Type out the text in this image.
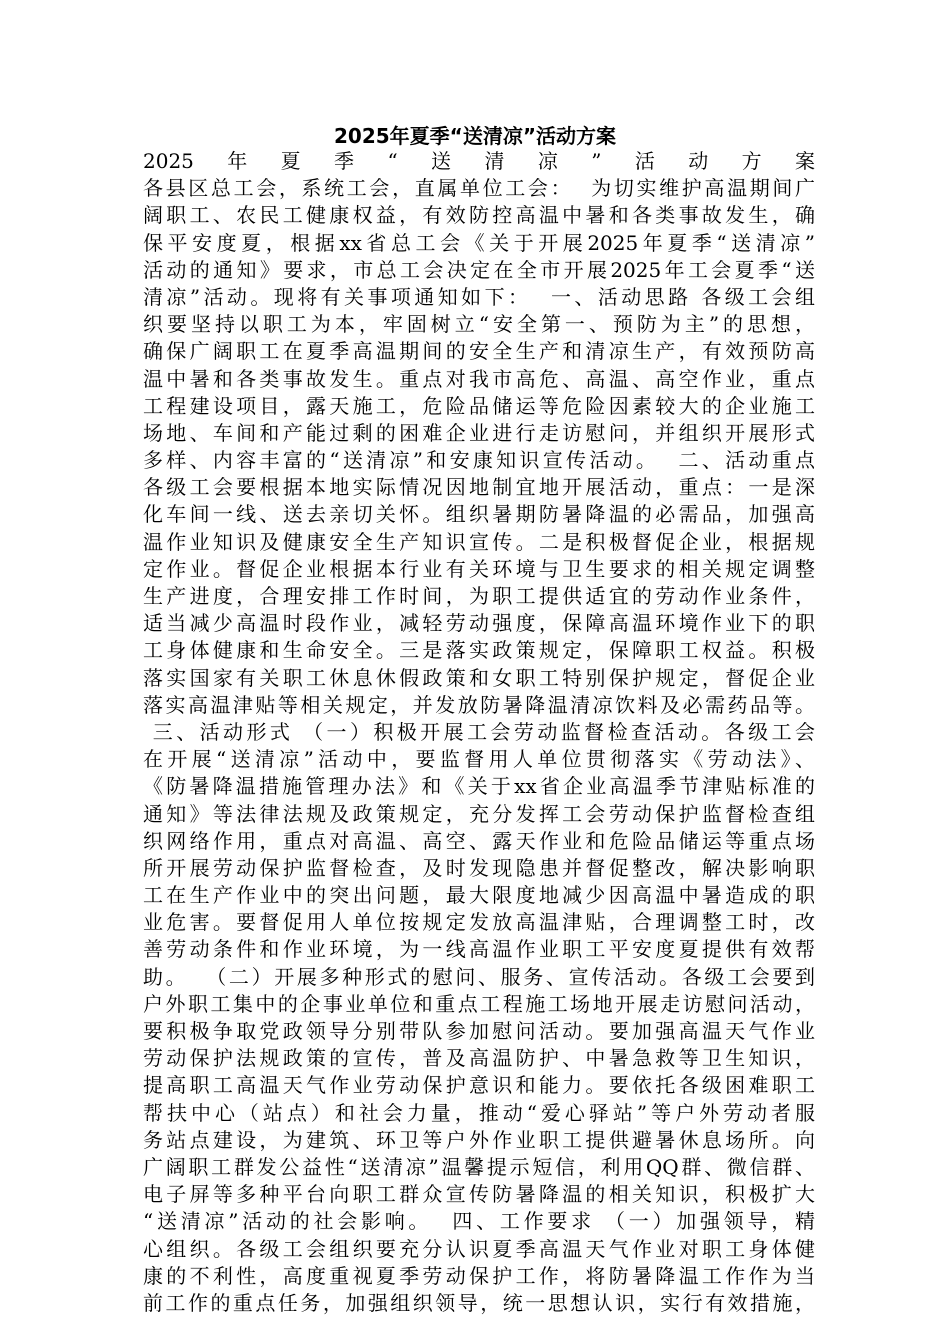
2025年夏季“送清凉”活动方案
2025年夏季“送清凉”活动方案
各县区总工会，系统工会，直属单位工会：  为切实维护高温期间广
阔职工、农民工健康权益，有效防控高温中暑和各类事故发生，确
保平安度夏，根据xx省总工会《关于开展2025年夏季“送清凉”
活动的通知》要求，市总工会决定在全市开展2025年工会夏季“送
清凉”活动。现将有关事项通知如下：  一、活动思路 各级工会组
织要坚持以职工为本，牢固树立“安全第一、预防为主”的思想，
确保广阔职工在夏季高温期间的安全生产和清凉生产，有效预防高
温中暑和各类事故发生。重点对我市高危、高温、高空作业，重点
工程建设项目，露天施工，危险品储运等危险因素较大的企业施工
场地、车间和产能过剩的困难企业进行走访慰问，并组织开展形式
多样、内容丰富的“送清凉”和安康知识宣传活动。  二、活动重点
各级工会要根据本地实际情况因地制宜地开展活动，重点：一是深
化车间一线、送去亲切关怀。组织暑期防暑降温的必需品，加强高
温作业知识及健康安全生产知识宣传。二是积极督促企业，根据规
定作业。督促企业根据本行业有关环境与卫生要求的相关规定调整
生产进度，合理安排工作时间，为职工提供适宜的劳动作业条件，
适当减少高温时段作业，减轻劳动强度，保障高温环境作业下的职
工身体健康和生命安全。三是落实政策规定，保障职工权益。积极
落实国家有关职工休息休假政策和女职工特别保护规定，督促企业
落实高温津贴等相关规定，并发放防暑降温清凉饮料及必需药品等。
三、活动形式 （一）积极开展工会劳动监督检查活动。各级工会
在开展“送清凉”活动中，要监督用人单位贯彻落实《劳动法》、
《防暑降温措施管理办法》和《关于xx省企业高温季节津贴标准的
通知》等法律法规及政策规定，充分发挥工会劳动保护监督检查组
织网络作用，重点对高温、高空、露天作业和危险品储运等重点场
所开展劳动保护监督检查，及时发现隐患并督促整改，解决影响职
工在生产作业中的突出问题，最大限度地减少因高温中暑造成的职
业危害。要督促用人单位按规定发放高温津贴，合理调整工时，改
善劳动条件和作业环境，为一线高温作业职工平安度夏提供有效帮
助。  （二）开展多种形式的慰问、服务、宣传活动。各级工会要到
户外职工集中的企事业单位和重点工程施工场地开展走访慰问活动，
要积极争取党政领导分别带队参加慰问活动。要加强高温天气作业
劳动保护法规政策的宣传，普及高温防护、中暑急救等卫生知识，
提高职工高温天气作业劳动保护意识和能力。要依托各级困难职工
帮扶中心（站点）和社会力量，推动“爱心驿站”等户外劳动者服
务站点建设，为建筑、环卫等户外作业职工提供避暑休息场所。向
广阔职工群发公益性“送清凉”温馨提示短信，利用QQ群、微信群、
电子屏等多种平台向职工群众宣传防暑降温的相关知识，积极扩大
“送清凉”活动的社会影响。  四、工作要求 （一）加强领导，精
心组织。各级工会组织要充分认识夏季高温天气作业对职工身体健
康的不利性，高度重视夏季劳动保护工作，将防暑降温工作作为当
前工作的重点任务，加强组织领导，统一思想认识，实行有效措施，
